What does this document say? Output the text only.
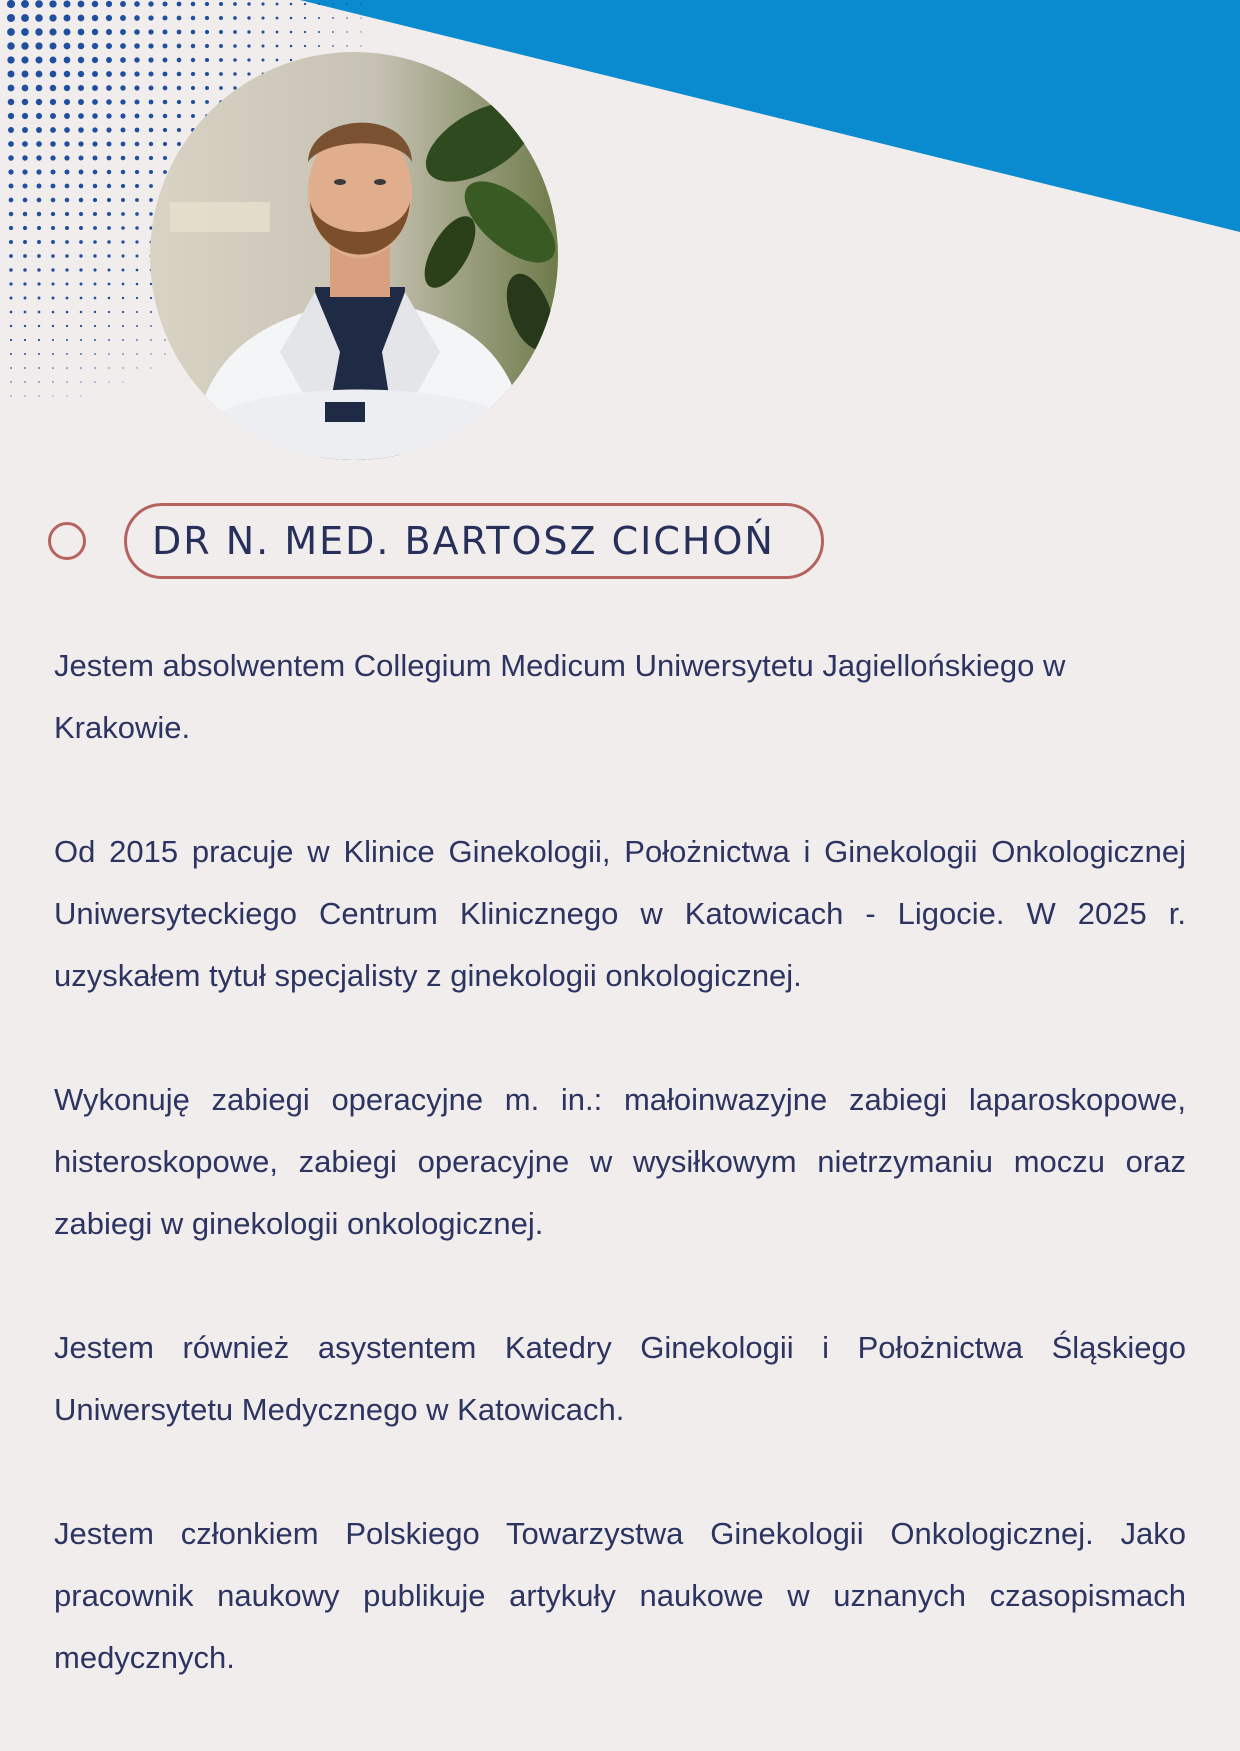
DR N. MED. BARTOSZ CICHOŃ

Jestem absolwentem Collegium Medicum Uniwersytetu Jagiellońskiego w Krakowie.

Od 2015 pracuje w Klinice Ginekologii, Położnictwa i Ginekologii Onkologicznej Uniwersyteckiego Centrum Klinicznego w Katowicach - Ligocie. W 2025 r. uzyskałem tytuł specjalisty z ginekologii onkologicznej.

Wykonuję zabiegi operacyjne m. in.: małoinwazyjne zabiegi laparoskopowe, histeroskopowe, zabiegi operacyjne w wysiłkowym nietrzymaniu moczu oraz zabiegi w ginekologii onkologicznej.

Jestem również asystentem Katedry Ginekologii i Położnictwa Śląskiego Uniwersytetu Medycznego w Katowicach.

Jestem członkiem Polskiego Towarzystwa Ginekologii Onkologicznej. Jako pracownik naukowy publikuje artykuły naukowe w uznanych czasopismach medycznych.
